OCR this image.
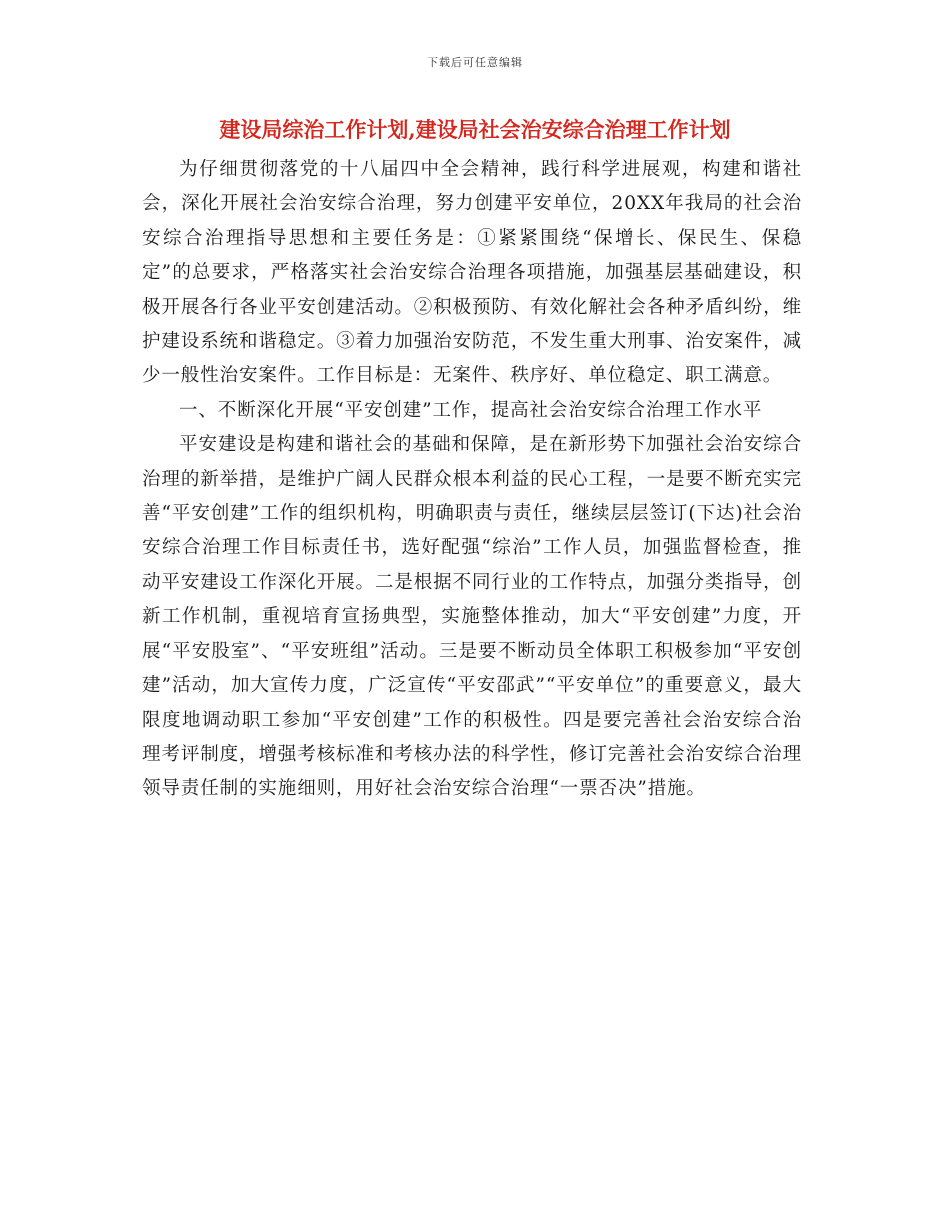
下载后可任意编辑
建设局综治工作计划,建设局社会治安综合治理工作计划

为仔细贯彻落党的十八届四中全会精神，践行科学进展观，构建和谐社会，深化开展社会治安综合治理，努力创建平安单位，20XX年我局的社会治安综合治理指导思想和主要任务是：①紧紧围绕“保增长、保民生、保稳定”的总要求，严格落实社会治安综合治理各项措施，加强基层基础建设，积极开展各行各业平安创建活动。②积极预防、有效化解社会各种矛盾纠纷，维护建设系统和谐稳定。③着力加强治安防范，不发生重大刑事、治安案件，减少一般性治安案件。工作目标是：无案件、秩序好、单位稳定、职工满意。

一、不断深化开展“平安创建”工作，提高社会治安综合治理工作水平

平安建设是构建和谐社会的基础和保障，是在新形势下加强社会治安综合治理的新举措，是维护广阔人民群众根本利益的民心工程，一是要不断充实完善“平安创建”工作的组织机构，明确职责与责任，继续层层签订(下达)社会治安综合治理工作目标责任书，选好配强“综治”工作人员，加强监督检查，推动平安建设工作深化开展。二是根据不同行业的工作特点，加强分类指导，创新工作机制，重视培育宣扬典型，实施整体推动，加大“平安创建”力度，开展“平安股室”、“平安班组”活动。三是要不断动员全体职工积极参加“平安创建”活动，加大宣传力度，广泛宣传“平安邵武”“平安单位”的重要意义，最大限度地调动职工参加“平安创建”工作的积极性。四是要完善社会治安综合治理考评制度，增强考核标准和考核办法的科学性，修订完善社会治安综合治理领导责任制的实施细则，用好社会治安综合治理“一票否决”措施。
